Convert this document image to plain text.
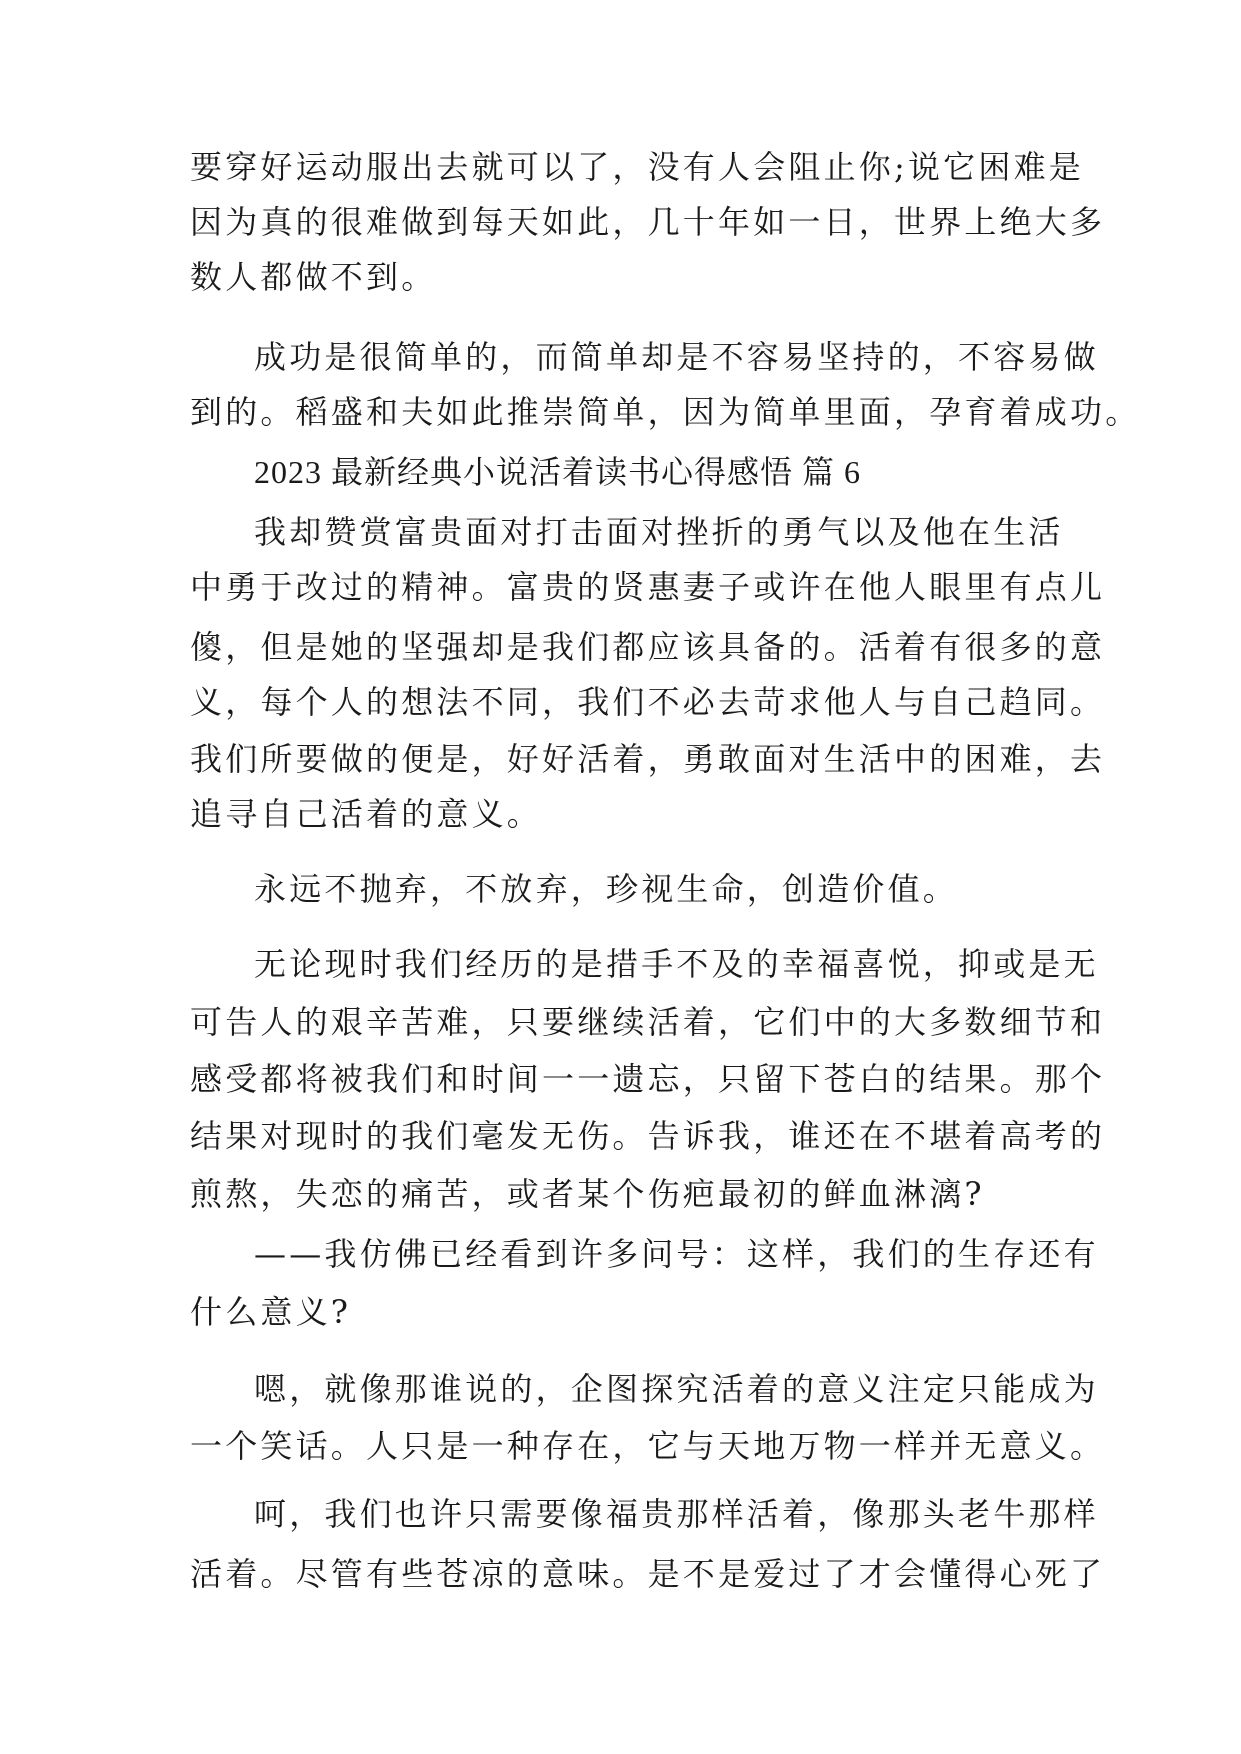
要穿好运动服出去就可以了，没有人会阻止你;说它困难是
因为真的很难做到每天如此，几十年如一日，世界上绝大多
数人都做不到。
成功是很简单的，而简单却是不容易坚持的，不容易做
到的。稻盛和夫如此推崇简单，因为简单里面，孕育着成功。
2023 最新经典小说活着读书心得感悟 篇 6
我却赞赏富贵面对打击面对挫折的勇气以及他在生活
中勇于改过的精神。富贵的贤惠妻子或许在他人眼里有点儿
傻，但是她的坚强却是我们都应该具备的。活着有很多的意
义，每个人的想法不同，我们不必去苛求他人与自己趋同。
我们所要做的便是，好好活着，勇敢面对生活中的困难，去
追寻自己活着的意义。
永远不抛弃，不放弃，珍视生命，创造价值。
无论现时我们经历的是措手不及的幸福喜悦，抑或是无
可告人的艰辛苦难，只要继续活着，它们中的大多数细节和
感受都将被我们和时间一一遗忘，只留下苍白的结果。那个
结果对现时的我们毫发无伤。告诉我，谁还在不堪着高考的
煎熬，失恋的痛苦，或者某个伤疤最初的鲜血淋漓?
——我仿佛已经看到许多问号：这样，我们的生存还有
什么意义?
嗯，就像那谁说的，企图探究活着的意义注定只能成为
一个笑话。人只是一种存在，它与天地万物一样并无意义。
呵，我们也许只需要像福贵那样活着，像那头老牛那样
活着。尽管有些苍凉的意味。是不是爱过了才会懂得心死了
